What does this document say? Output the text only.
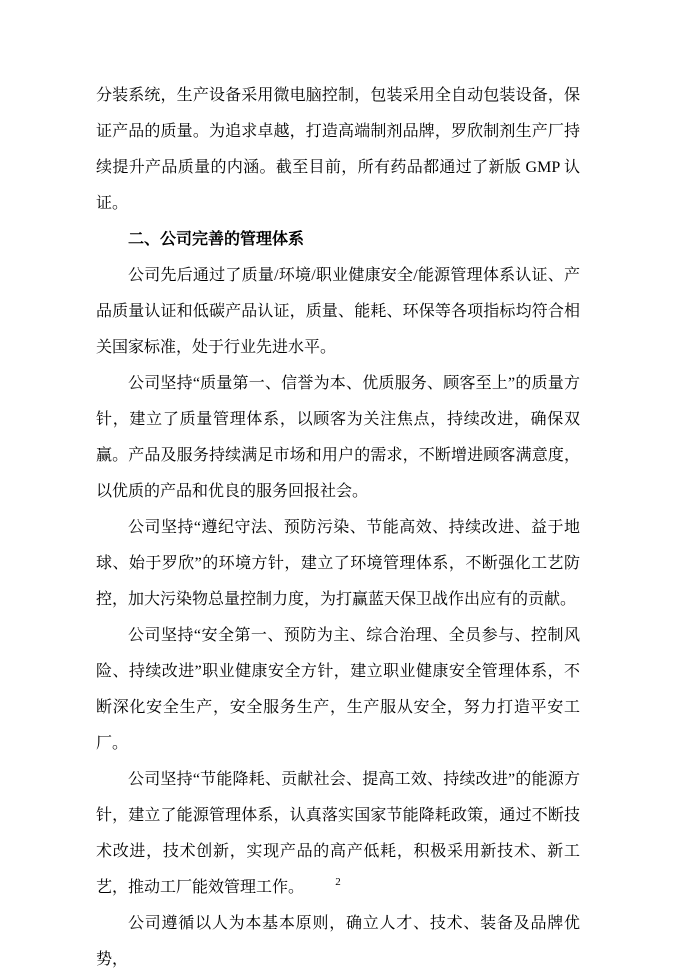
分装系统，生产设备采用微电脑控制，包装采用全自动包装设备，保证产品的质量。为追求卓越，打造高端制剂品牌，罗欣制剂生产厂持续提升产品质量的内涵。截至目前，所有药品都通过了新版 GMP 认证。

二、公司完善的管理体系

公司先后通过了质量/环境/职业健康安全/能源管理体系认证、产品质量认证和低碳产品认证，质量、能耗、环保等各项指标均符合相关国家标准，处于行业先进水平。

公司坚持“质量第一、信誉为本、优质服务、顾客至上”的质量方针，建立了质量管理体系，以顾客为关注焦点，持续改进，确保双赢。产品及服务持续满足市场和用户的需求，不断增进顾客满意度，以优质的产品和优良的服务回报社会。

公司坚持“遵纪守法、预防污染、节能高效、持续改进、益于地球、始于罗欣”的环境方针，建立了环境管理体系，不断强化工艺防控，加大污染物总量控制力度，为打赢蓝天保卫战作出应有的贡献。

公司坚持“安全第一、预防为主、综合治理、全员参与、控制风险、持续改进”职业健康安全方针，建立职业健康安全管理体系，不断深化安全生产，安全服务生产，生产服从安全，努力打造平安工厂。

公司坚持“节能降耗、贡献社会、提高工效、持续改进”的能源方针，建立了能源管理体系，认真落实国家节能降耗政策，通过不断技术改进，技术创新，实现产品的高产低耗，积极采用新技术、新工艺，推动工厂能效管理工作。

公司遵循以人为本基本原则，确立人才、技术、装备及品牌优势，

2
